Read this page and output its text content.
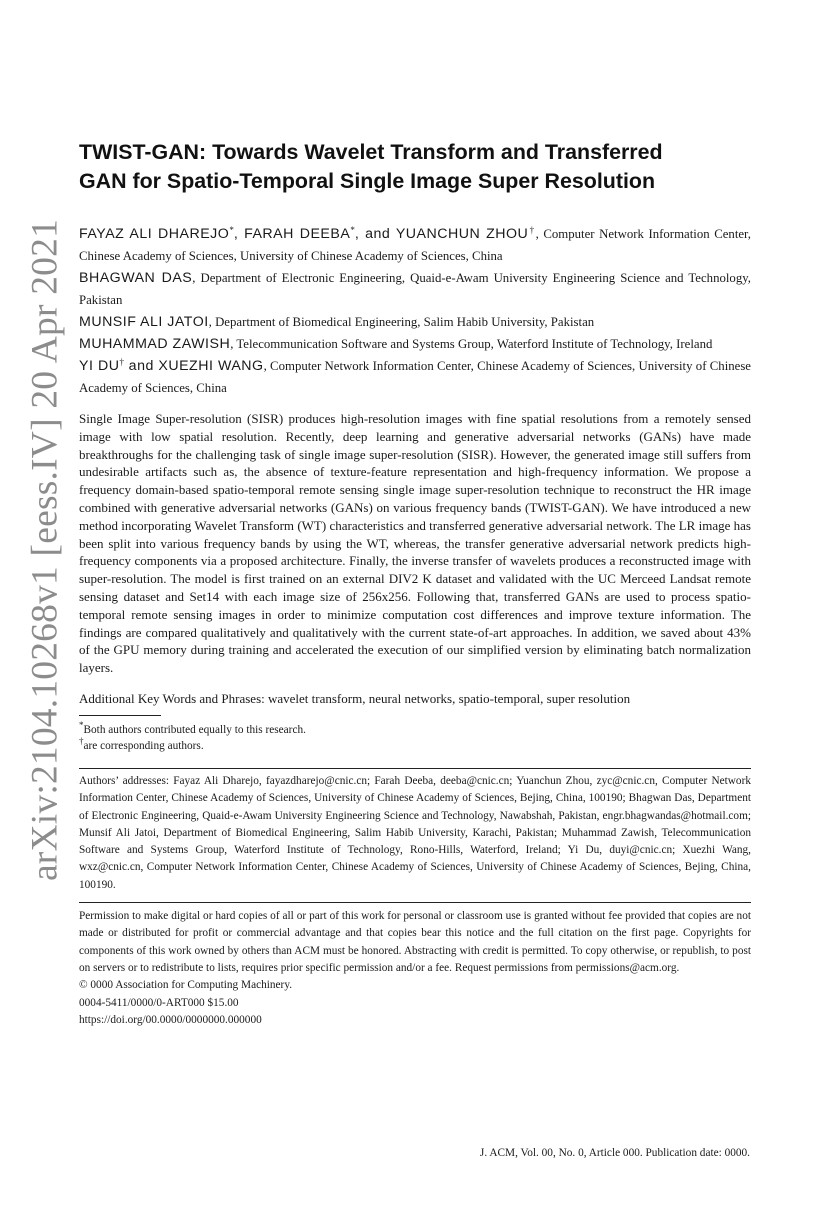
arXiv:2104.10268v1 [eess.IV] 20 Apr 2021
TWIST-GAN: Towards Wavelet Transform and Transferred
GAN for Spatio-Temporal Single Image Super Resolution
FAYAZ ALI DHAREJO*, FARAH DEEBA*, and YUANCHUN ZHOU†, Computer Network Information Center, Chinese Academy of Sciences, University of Chinese Academy of Sciences, China
BHAGWAN DAS, Department of Electronic Engineering, Quaid-e-Awam University Engineering Science and Technology, Pakistan
MUNSIF ALI JATOI, Department of Biomedical Engineering, Salim Habib University, Pakistan
MUHAMMAD ZAWISH, Telecommunication Software and Systems Group, Waterford Institute of Technology, Ireland
YI DU† and XUEZHI WANG, Computer Network Information Center, Chinese Academy of Sciences, University of Chinese Academy of Sciences, China

Single Image Super-resolution (SISR) produces high-resolution images with fine spatial resolutions from a remotely sensed image with low spatial resolution. Recently, deep learning and generative adversarial networks (GANs) have made breakthroughs for the challenging task of single image super-resolution (SISR). However, the generated image still suffers from undesirable artifacts such as, the absence of texture-feature representation and high-frequency information. We propose a frequency domain-based spatio-temporal remote sensing single image super-resolution technique to reconstruct the HR image combined with generative adversarial networks (GANs) on various frequency bands (TWIST-GAN). We have introduced a new method incorporating Wavelet Transform (WT) characteristics and transferred generative adversarial network. The LR image has been split into various frequency bands by using the WT, whereas, the transfer generative adversarial network predicts high-frequency components via a proposed architecture. Finally, the inverse transfer of wavelets produces a reconstructed image with super-resolution. The model is first trained on an external DIV2 K dataset and validated with the UC Merceed Landsat remote sensing dataset and Set14 with each image size of 256x256. Following that, transferred GANs are used to process spatio-temporal remote sensing images in order to minimize computation cost differences and improve texture information. The findings are compared qualitatively and qualitatively with the current state-of-art approaches. In addition, we saved about 43% of the GPU memory during training and accelerated the execution of our simplified version by eliminating batch normalization layers.

Additional Key Words and Phrases: wavelet transform, neural networks, spatio-temporal, super resolution
*Both authors contributed equally to this research.
†are corresponding authors.
Authors’ addresses: Fayaz Ali Dharejo, fayazdharejo@cnic.cn; Farah Deeba, deeba@cnic.cn; Yuanchun Zhou, zyc@cnic.cn, Computer Network Information Center, Chinese Academy of Sciences, University of Chinese Academy of Sciences, Bejing, China, 100190; Bhagwan Das, Department of Electronic Engineering, Quaid-e-Awam University Engineering Science and Technology, Nawabshah, Pakistan, engr.bhagwandas@hotmail.com; Munsif Ali Jatoi, Department of Biomedical Engineering, Salim Habib University, Karachi, Pakistan; Muhammad Zawish, Telecommunication Software and Systems Group, Waterford Institute of Technology, Rono-Hills, Waterford, Ireland; Yi Du, duyi@cnic.cn; Xuezhi Wang, wxz@cnic.cn, Computer Network Information Center, Chinese Academy of Sciences, University of Chinese Academy of Sciences, Bejing, China, 100190.

Permission to make digital or hard copies of all or part of this work for personal or classroom use is granted without fee provided that copies are not made or distributed for profit or commercial advantage and that copies bear this notice and the full citation on the first page. Copyrights for components of this work owned by others than ACM must be honored. Abstracting with credit is permitted. To copy otherwise, or republish, to post on servers or to redistribute to lists, requires prior specific permission and/or a fee. Request permissions from permissions@acm.org.

© 0000 Association for Computing Machinery.

0004-5411/0000/0-ART000 $15.00

https://doi.org/00.0000/0000000.000000

J. ACM, Vol. 00, No. 0, Article 000. Publication date: 0000.
